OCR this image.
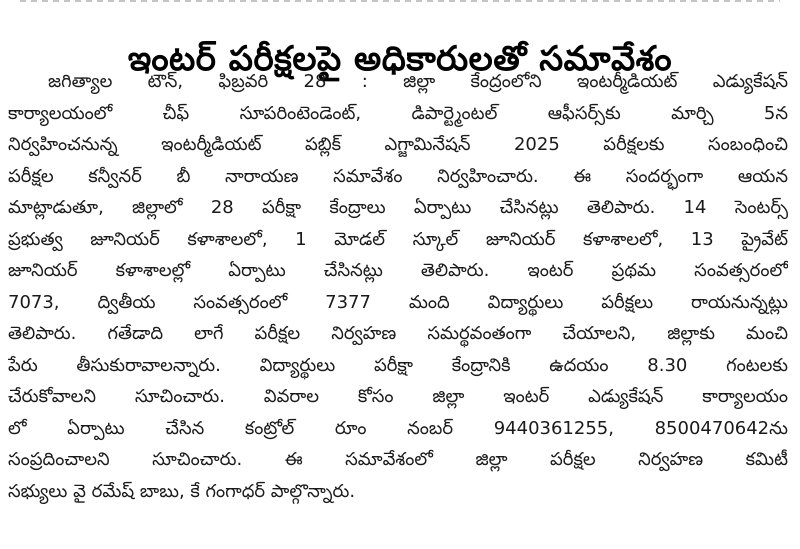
ఇంటర్ పరీక్షలపై అధికారులతో సమావేశం
జగిత్యాల టౌన్, ఫిబ్రవరి 28 : జిల్లా కేంద్రంలోని ఇంటర్మీడియట్ ఎడ్యుకేషన్
కార్యాలయంలో చీఫ్ సూపరింటెండెంట్, డిపార్ట్మెంటల్ ఆఫీసర్స్‌కు మార్చి 5న
నిర్వహించనున్న ఇంటర్మీడియట్ పబ్లిక్ ఎగ్జామినేషన్ 2025 పరీక్షలకు సంబంధించి
పరీక్షల కన్వీనర్ బీ నారాయణ సమావేశం నిర్వహించారు. ఈ సందర్భంగా ఆయన
మాట్లాడుతూ, జిల్లాలో 28 పరీక్షా కేంద్రాలు ఏర్పాటు చేసినట్లు తెలిపారు. 14 సెంటర్స్
ప్రభుత్వ జూనియర్ కళాశాలలో, 1 మోడల్ స్కూల్ జూనియర్ కళాశాలలో, 13 ప్రైవేట్
జూనియర్ కళాశాలల్లో ఏర్పాటు చేసినట్లు తెలిపారు. ఇంటర్ ప్రథమ సంవత్సరంలో
7073, ద్వితీయ సంవత్సరంలో 7377 మంది విద్యార్థులు పరీక్షలు రాయనున్నట్లు
తెలిపారు. గతేడాది లాగే పరీక్షల నిర్వహణ సమర్థవంతంగా చేయాలని, జిల్లాకు మంచి
పేరు తీసుకురావాలన్నారు. విద్యార్థులు పరీక్షా కేంద్రానికి ఉదయం 8.30 గంటలకు
చేరుకోవాలని సూచించారు. వివరాల కోసం జిల్లా ఇంటర్ ఎడ్యుకేషన్ కార్యాలయం
లో ఏర్పాటు చేసిన కంట్రోల్ రూం నంబర్ 9440361255, 8500470642ను
సంప్రదించాలని సూచించారు. ఈ సమావేశంలో జిల్లా పరీక్షల నిర్వహణ కమిటీ
సభ్యులు వై రమేష్ బాబు, కే గంగాధర్ పాల్గొన్నారు.
